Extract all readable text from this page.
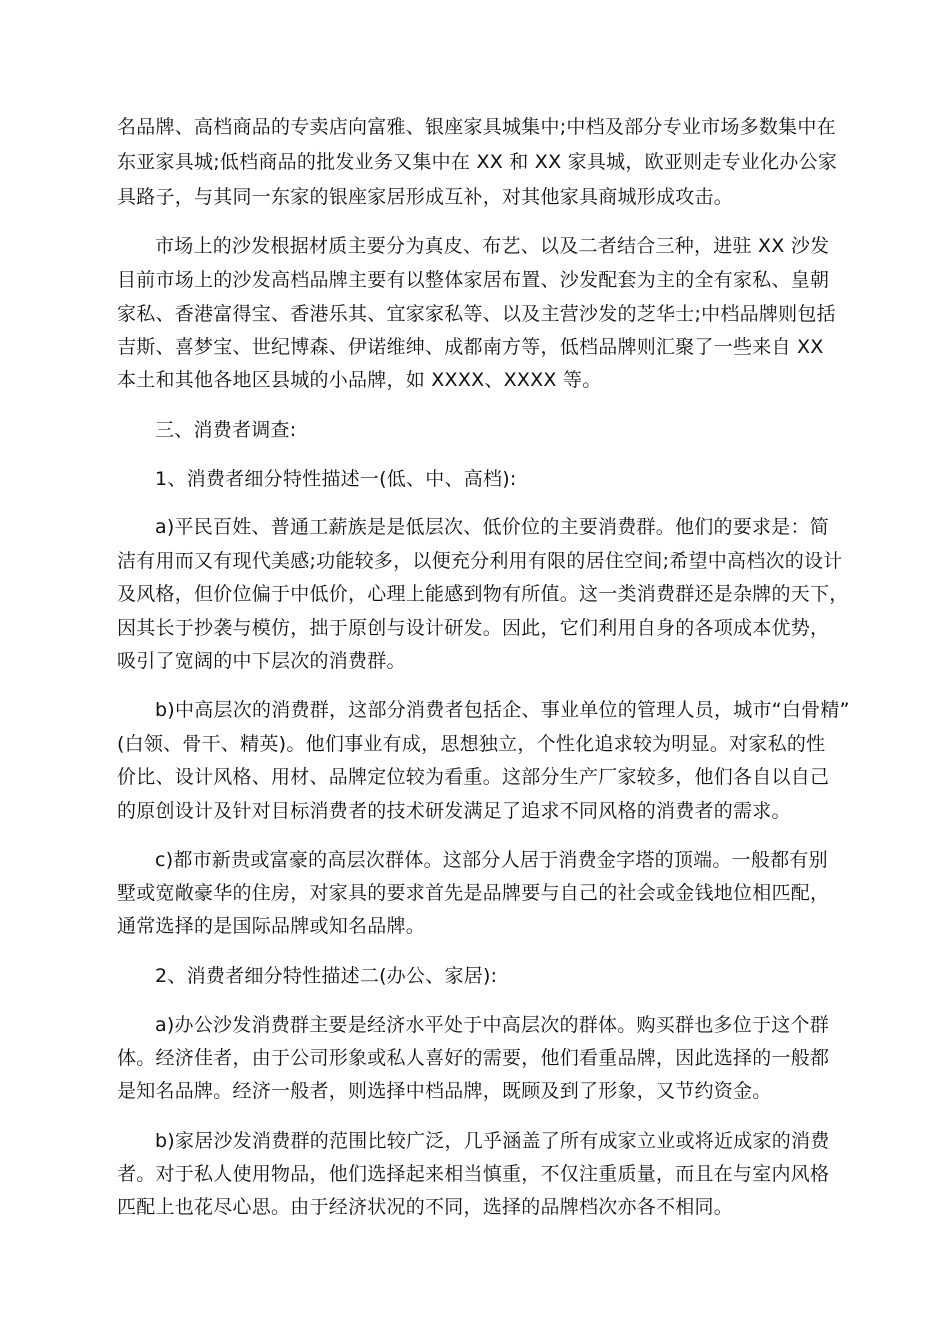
名品牌、高档商品的专卖店向富雅、银座家具城集中;中档及部分专业市场多数集中在
东亚家具城;低档商品的批发业务又集中在 XX 和 XX 家具城，欧亚则走专业化办公家
具路子，与其同一东家的银座家居形成互补，对其他家具商城形成攻击。
市场上的沙发根据材质主要分为真皮、布艺、以及二者结合三种，进驻 XX 沙发
目前市场上的沙发高档品牌主要有以整体家居布置、沙发配套为主的全有家私、皇朝
家私、香港富得宝、香港乐其、宜家家私等、以及主营沙发的芝华士;中档品牌则包括
吉斯、喜梦宝、世纪博森、伊诺维绅、成都南方等，低档品牌则汇聚了一些来自 XX
本土和其他各地区县城的小品牌，如 XXXX、XXXX 等。
三、消费者调查:
1、消费者细分特性描述一(低、中、高档):
a)平民百姓、普通工薪族是是低层次、低价位的主要消费群。他们的要求是：简
洁有用而又有现代美感;功能较多，以便充分利用有限的居住空间;希望中高档次的设计
及风格，但价位偏于中低价，心理上能感到物有所值。这一类消费群还是杂牌的天下，
因其长于抄袭与模仿，拙于原创与设计研发。因此，它们利用自身的各项成本优势，
吸引了宽阔的中下层次的消费群。
b)中高层次的消费群，这部分消费者包括企、事业单位的管理人员，城市“白骨精”
(白领、骨干、精英)。他们事业有成，思想独立，个性化追求较为明显。对家私的性
价比、设计风格、用材、品牌定位较为看重。这部分生产厂家较多，他们各自以自己
的原创设计及针对目标消费者的技术研发满足了追求不同风格的消费者的需求。
c)都市新贵或富豪的高层次群体。这部分人居于消费金字塔的顶端。一般都有别
墅或宽敞豪华的住房，对家具的要求首先是品牌要与自己的社会或金钱地位相匹配，
通常选择的是国际品牌或知名品牌。
2、消费者细分特性描述二(办公、家居):
a)办公沙发消费群主要是经济水平处于中高层次的群体。购买群也多位于这个群
体。经济佳者，由于公司形象或私人喜好的需要，他们看重品牌，因此选择的一般都
是知名品牌。经济一般者，则选择中档品牌，既顾及到了形象，又节约资金。
b)家居沙发消费群的范围比较广泛，几乎涵盖了所有成家立业或将近成家的消费
者。对于私人使用物品，他们选择起来相当慎重，不仅注重质量，而且在与室内风格
匹配上也花尽心思。由于经济状况的不同，选择的品牌档次亦各不相同。
